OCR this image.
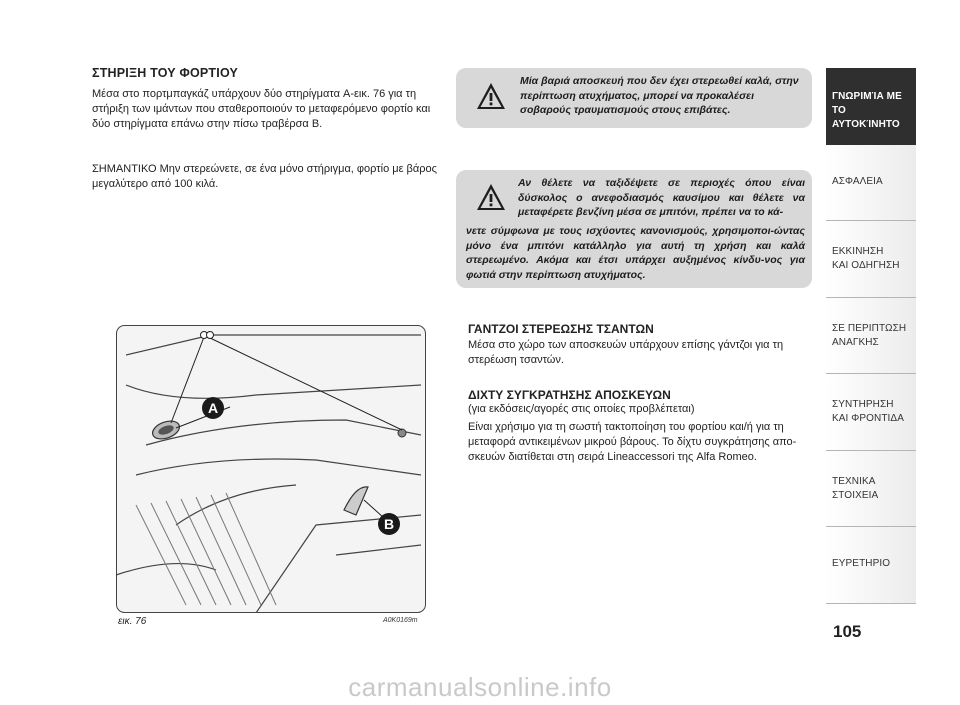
ΣΤΗΡΙΞΗ ΤΟΥ ΦΟΡΤΙΟΥ
Μέσα στο πορτμπαγκάζ υπάρχουν δύο στηρίγματα A-εικ. 76 για τη στήριξη των ιμάντων που σταθεροποιούν το μεταφερόμενο φορτίο και δύο στηρίγματα επάνω στην πίσω τραβέρσα B.
ΣΗΜΑΝΤΙΚΟ Μην στερεώνετε, σε ένα μόνο στήριγμα, φορτίο με βάρος μεγαλύτερο από 100 κιλά.
Μία βαριά αποσκευή που δεν έχει στερεωθεί καλά, στην περίπτωση ατυχήματος, μπορεί να προκαλέσει σοβαρούς τραυματισμούς στους επιβάτες.
Αν θέλετε να ταξιδέψετε σε περιοχές όπου είναι δύσκολος ο ανεφοδιασμός καυσίμου και θέλετε να μεταφέρετε βενζίνη μέσα σε μπιτόνι, πρέπει να το κά-
νετε σύμφωνα με τους ισχύοντες κανονισμούς, χρησιμοποι-ώντας μόνο ένα μπιτόνι κατάλληλο για αυτή τη χρήση και καλά στερεωμένο. Ακόμα και έτσι υπάρχει αυξημένος κίνδυ-νος για φωτιά στην περίπτωση ατυχήματος.
ΓΑΝΤΖΟΙ ΣΤΕΡΕΩΣΗΣ ΤΣΑΝΤΩΝ
Μέσα στο χώρο των αποσκευών υπάρχουν επίσης γάντζοι για τη στερέωση τσαντών.
ΔΙΧΤΥ ΣΥΓΚΡΑΤΗΣΗΣ ΑΠΟΣΚΕΥΩΝ
(για εκδόσεις/αγορές στις οποίες προβλέπεται)
Είναι χρήσιμο για τη σωστή τακτοποίηση του φορτίου και/ή για τη μεταφορά αντικειμένων μικρού βάρους. Το δίχτυ συγκράτησης απο-σκευών διατίθεται στη σειρά Lineaccessori της Alfa Romeo.
A
B
εικ. 76	A0K0169m
ΓΝΩΡΙΜΊΑ ΜΕ ΤΟ
ΑΥΤΟΚΊΝΗΤΟ
ΑΣΦΑΛΕΙΑ
ΕΚΚΙΝΗΣΗ
ΚΑΙ ΟΔΗΓΗΣΗ
ΣΕ ΠΕΡΙΠΤΩΣΗ
ΑΝΑΓΚΗΣ
ΣΥΝΤΗΡΗΣΗ
ΚΑΙ ΦΡΟΝΤΙΔΑ
ΤΕΧΝΙΚΑ
ΣΤΟΙΧΕΙΑ
ΕΥΡΕΤΗΡΙΟ
105
carmanualsonline.info
